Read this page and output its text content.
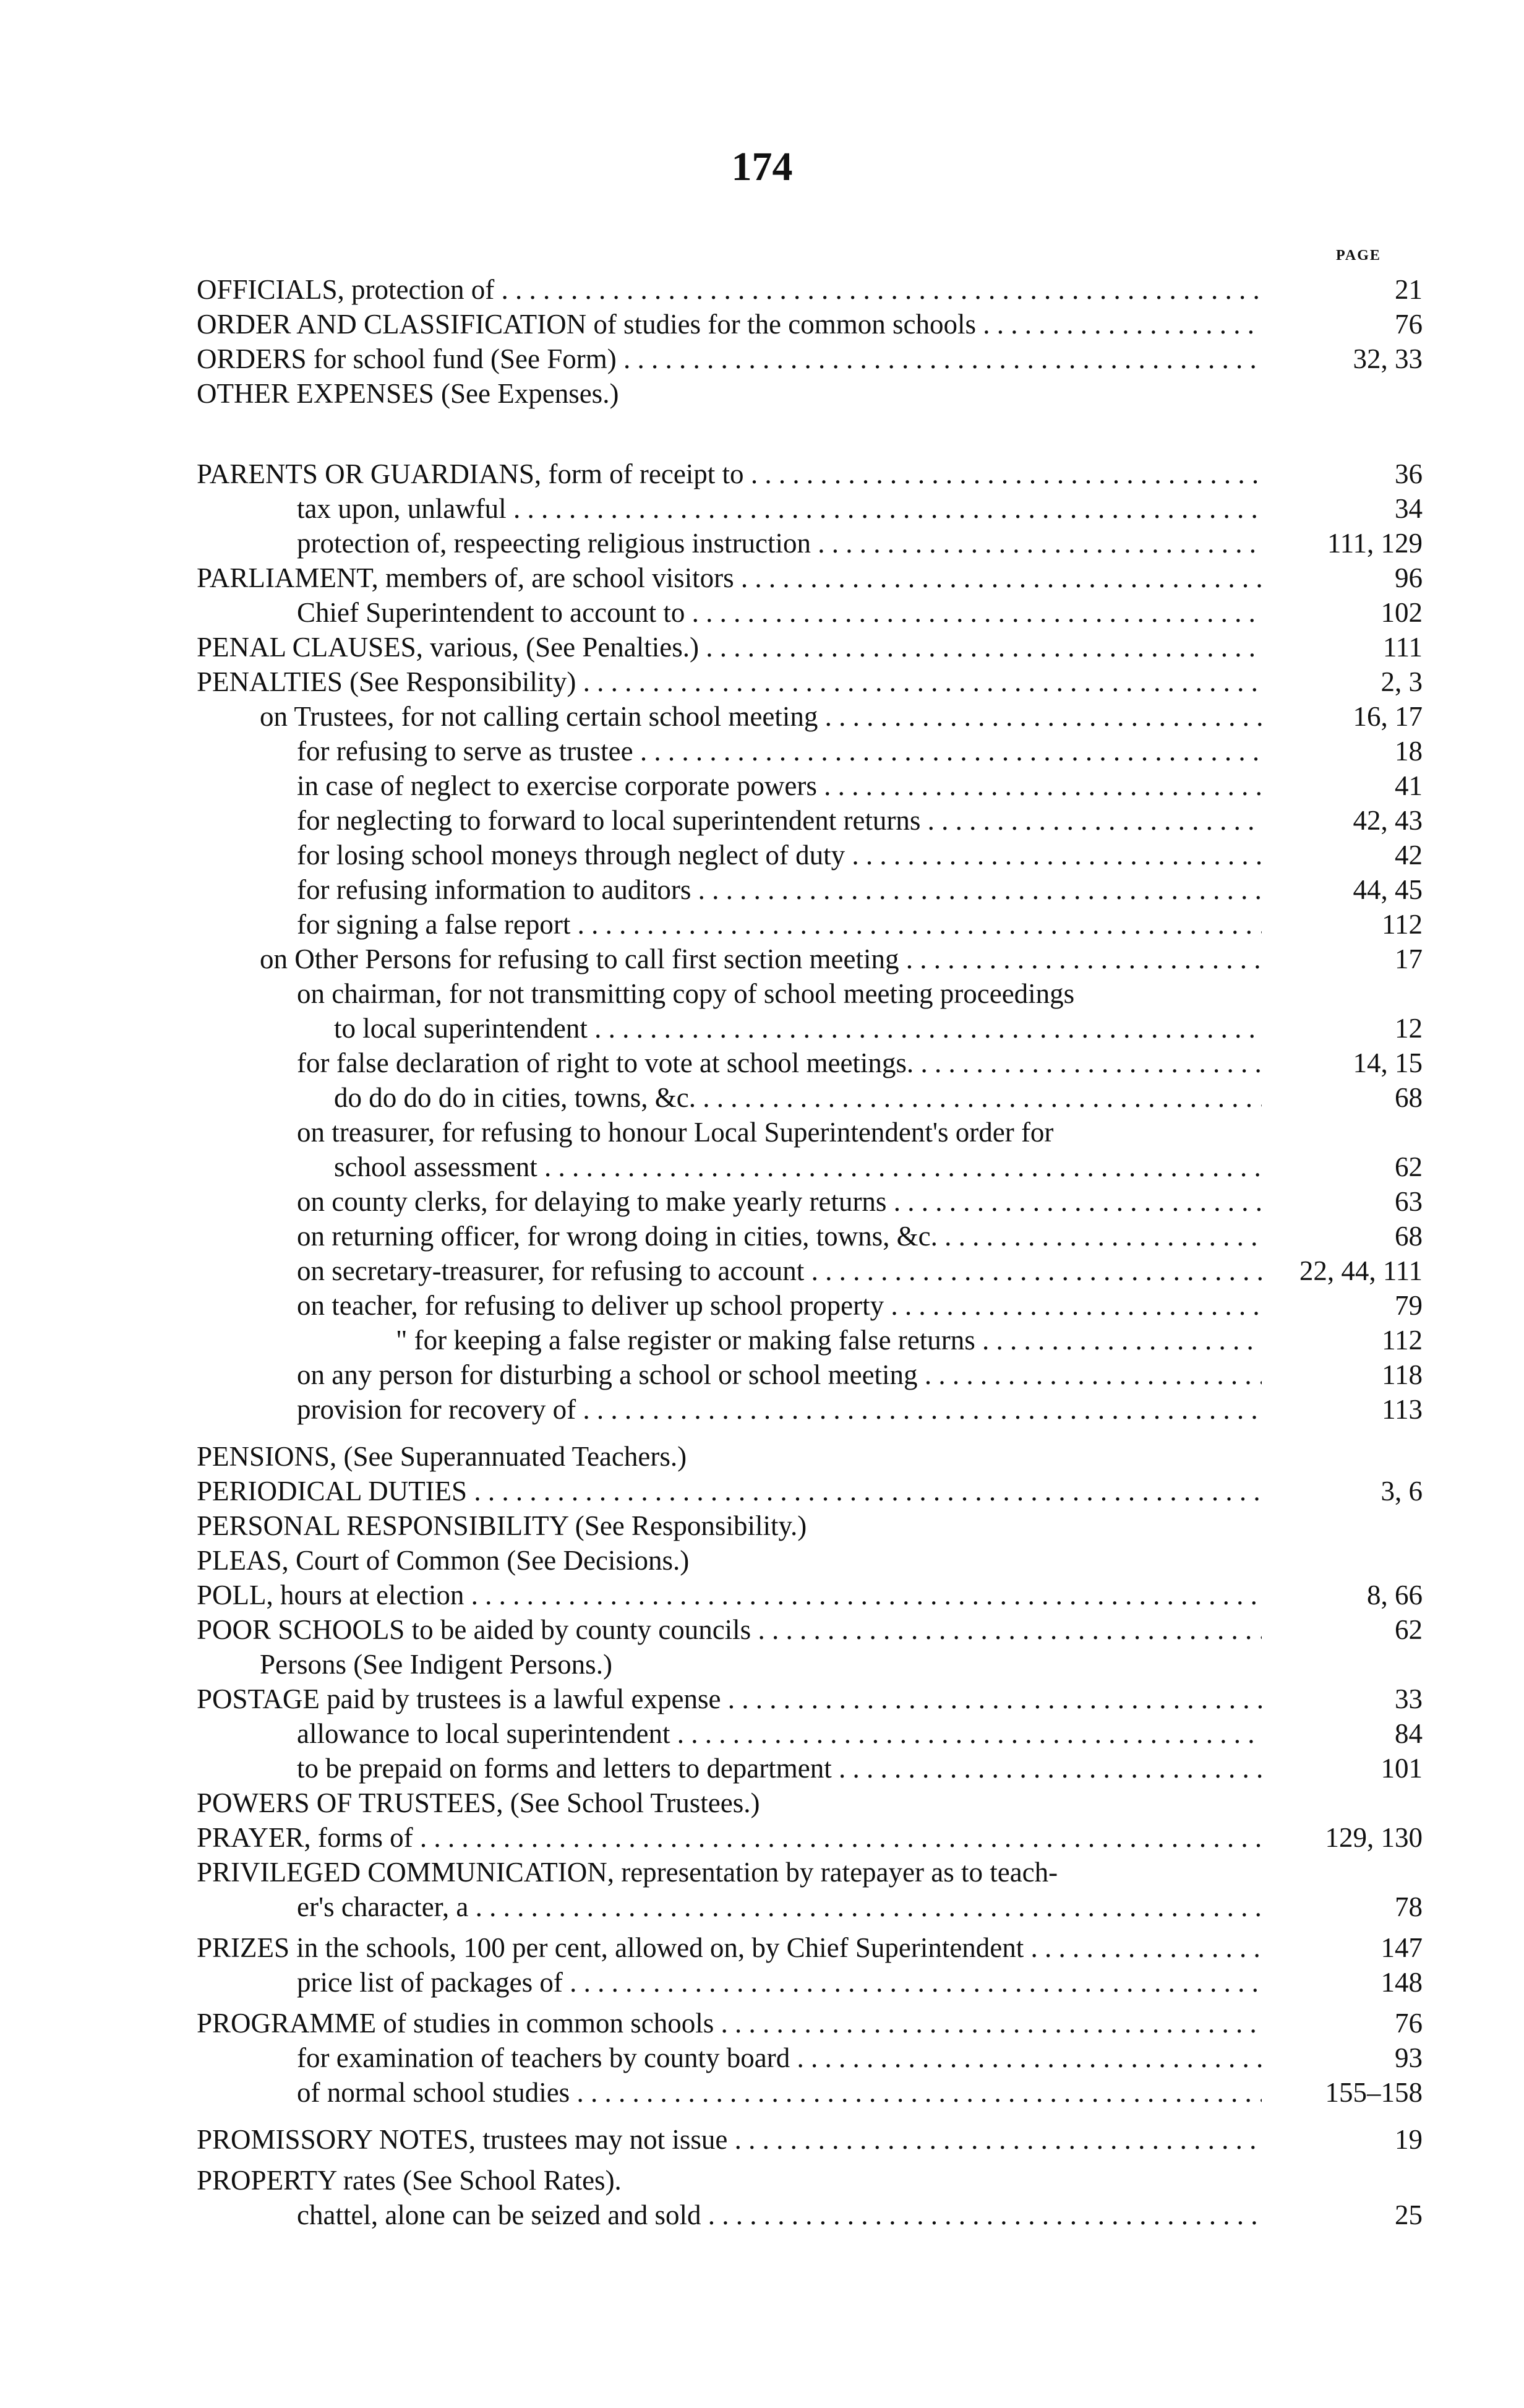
174
PAGE
OFFICIALS, protection of . . .	21
ORDER AND CLASSIFICATION of studies for the common schools . . .	76
ORDERS for school fund (See Form) . . .	32, 33
OTHER EXPENSES (See Expenses.)
PARENTS OR GUARDIANS, form of receipt to . . .	36
tax upon, unlawful . . .	34
protection of, respeecting religious instruction . . .	111, 129
PARLIAMENT, members of, are school visitors . . .	96
Chief Superintendent to account to . . .	102
PENAL CLAUSES, various, (See Penalties.) . . .	111
PENALTIES (See Responsibility) . . .	2, 3
on Trustees, for not calling certain school meeting . . .	16, 17
for refusing to serve as trustee . . .	18
in case of neglect to exercise corporate powers . . .	41
for neglecting to forward to local superintendent returns . . .	42, 43
for losing school moneys through neglect of duty . . .	42
for refusing information to auditors . . .	44, 45
for signing a false report . . .	112
on Other Persons for refusing to call first section meeting . . .	17
on chairman, for not transmitting copy of school meeting proceedings
to local superintendent . . .	12
for false declaration of right to vote at school meetings. . . .	14, 15
do do do do in cities, towns, &c. . . .	68
on treasurer, for refusing to honour Local Superintendent's order for
school assessment . . .	62
on county clerks, for delaying to make yearly returns . . .	63
on returning officer, for wrong doing in cities, towns, &c. . . .	68
on secretary-treasurer, for refusing to account . . .	22, 44, 111
on teacher, for refusing to deliver up school property . . .	79
" for keeping a false register or making false returns . . .	112
on any person for disturbing a school or school meeting . . .	118
provision for recovery of . . .	113
PENSIONS, (See Superannuated Teachers.)
PERIODICAL DUTIES . . .	3, 6
PERSONAL RESPONSIBILITY (See Responsibility.)
PLEAS, Court of Common (See Decisions.)
POLL, hours at election . . .	8, 66
POOR SCHOOLS to be aided by county councils . . .	62
Persons (See Indigent Persons.)
POSTAGE paid by trustees is a lawful expense . . .	33
allowance to local superintendent . . .	84
to be prepaid on forms and letters to department . . .	101
POWERS OF TRUSTEES, (See School Trustees.)
PRAYER, forms of . . .	129, 130
PRIVILEGED COMMUNICATION, representation by ratepayer as to teach-
er's character, a . . .	78
PRIZES in the schools, 100 per cent, allowed on, by Chief Superintendent . . .	147
price list of packages of . . .	148
PROGRAMME of studies in common schools . . .	76
for examination of teachers by county board . . .	93
of normal school studies . . .	155–158
PROMISSORY NOTES, trustees may not issue . . .	19
PROPERTY rates (See School Rates).
chattel, alone can be seized and sold . . .	25
